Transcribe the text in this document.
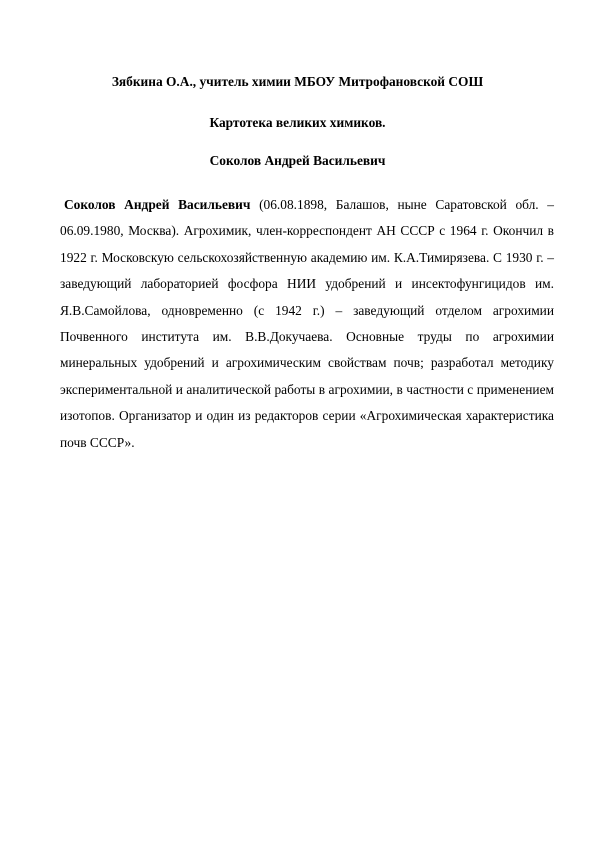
Зябкина О.А., учитель химии МБОУ Митрофановской СОШ
Картотека великих химиков.
Соколов Андрей Васильевич

Соколов Андрей Васильевич (06.08.1898, Балашов, ныне Саратовской обл. – 06.09.1980, Москва). Агрохимик, член-корреспондент АН СССР с 1964 г. Окончил в 1922 г. Московскую сельскохозяйственную академию им. К.А.Тимирязева. С 1930 г. – заведующий лабораторией фосфора НИИ удобрений и инсектофунгицидов им. Я.В.Самойлова, одновременно (с 1942 г.) – заведующий отделом агрохимии Почвенного института им. В.В.Докучаева. Основные труды по агрохимии минеральных удобрений и агрохимическим свойствам почв; разработал методику экспериментальной и аналитической работы в агрохимии, в частности с применением изотопов. Организатор и один из редакторов серии «Агрохимическая характеристика почв СССР».
